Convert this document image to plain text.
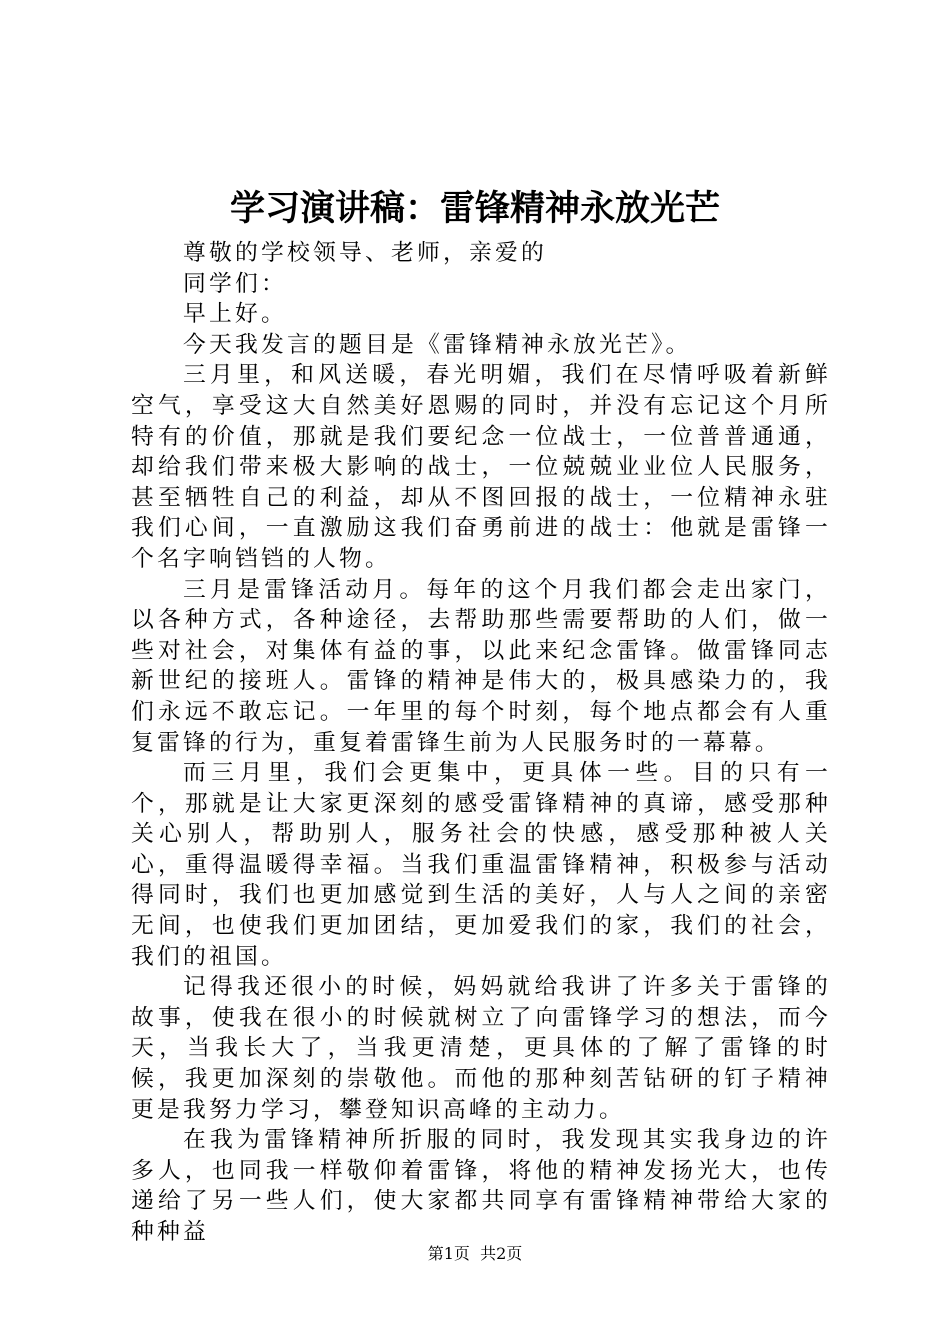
学习演讲稿：雷锋精神永放光芒

尊敬的学校领导、老师，亲爱的

同学们：

早上好。

今天我发言的题目是《雷锋精神永放光芒》。

三月里，和风送暖，春光明媚，我们在尽情呼吸着新鲜空气，享受这大自然美好恩赐的同时，并没有忘记这个月所特有的价值，那就是我们要纪念一位战士，一位普普通通，却给我们带来极大影响的战士，一位兢兢业业位人民服务，甚至牺牲自己的利益，却从不图回报的战士，一位精神永驻我们心间，一直激励这我们奋勇前进的战士：他就是雷锋一个名字响铛铛的人物。

三月是雷锋活动月。每年的这个月我们都会走出家门，以各种方式，各种途径，去帮助那些需要帮助的人们，做一些对社会，对集体有益的事，以此来纪念雷锋。做雷锋同志新世纪的接班人。雷锋的精神是伟大的，极具感染力的，我们永远不敢忘记。一年里的每个时刻，每个地点都会有人重复雷锋的行为，重复着雷锋生前为人民服务时的一幕幕。

而三月里，我们会更集中，更具体一些。目的只有一个，那就是让大家更深刻的感受雷锋精神的真谛，感受那种关心别人，帮助别人，服务社会的快感，感受那种被人关心，重得温暖得幸福。当我们重温雷锋精神，积极参与活动得同时，我们也更加感觉到生活的美好，人与人之间的亲密无间，也使我们更加团结，更加爱我们的家，我们的社会，我们的祖国。

记得我还很小的时候，妈妈就给我讲了许多关于雷锋的故事，使我在很小的时候就树立了向雷锋学习的想法，而今天，当我长大了，当我更清楚，更具体的了解了雷锋的时候，我更加深刻的崇敬他。而他的那种刻苦钻研的钉子精神更是我努力学习，攀登知识高峰的主动力。

在我为雷锋精神所折服的同时，我发现其实我身边的许多人，也同我一样敬仰着雷锋，将他的精神发扬光大，也传递给了另一些人们，使大家都共同享有雷锋精神带给大家的种种益

第1页 共2页
